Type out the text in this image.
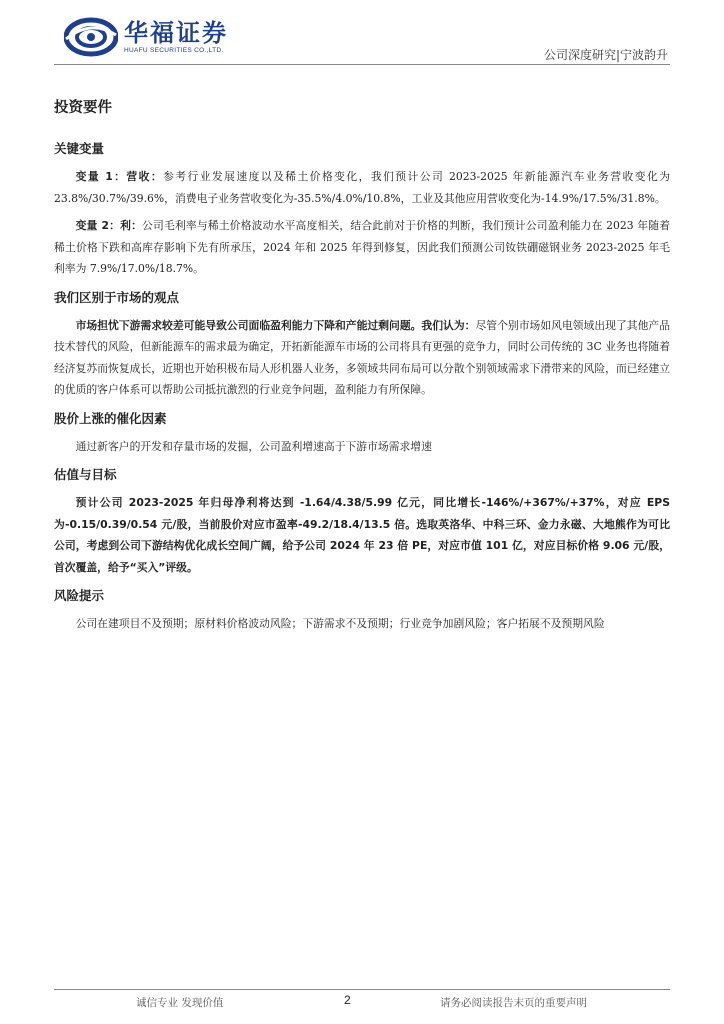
华福证券
HUAFU SECURITIES CO.,LTD.	公司深度研究|宁波韵升
投资要件
关键变量

变量 1：营收：参考行业发展速度以及稀土价格变化，我们预计公司 2023-2025 年新能源汽车业务营收变化为 23.8%/30.7%/39.6%，消费电子业务营收变化为-35.5%/4.0%/10.8%，工业及其他应用营收变化为-14.9%/17.5%/31.8%。

变量 2：利：公司毛利率与稀土价格波动水平高度相关，结合此前对于价格的判断，我们预计公司盈利能力在 2023 年随着稀土价格下跌和高库存影响下先有所承压，2024 年和 2025 年得到修复，因此我们预测公司钕铁硼磁钢业务 2023-2025 年毛利率为 7.9%/17.0%/18.7%。

我们区别于市场的观点

市场担忧下游需求较差可能导致公司面临盈利能力下降和产能过剩问题。我们认为：尽管个别市场如风电领域出现了其他产品技术替代的风险，但新能源车的需求最为确定，开拓新能源车市场的公司将具有更强的竞争力，同时公司传统的 3C 业务也将随着经济复苏而恢复成长，近期也开始积极布局人形机器人业务，多领域共同布局可以分散个别领域需求下滑带来的风险，而已经建立的优质的客户体系可以帮助公司抵抗激烈的行业竞争问题，盈利能力有所保障。

股价上涨的催化因素

通过新客户的开发和存量市场的发掘，公司盈利增速高于下游市场需求增速

估值与目标

预计公司 2023-2025 年归母净利将达到 -1.64/4.38/5.99 亿元，同比增长-146%/+367%/+37%，对应 EPS 为-0.15/0.39/0.54 元/股，当前股价对应市盈率-49.2/18.4/13.5 倍。选取英洛华、中科三环、金力永磁、大地熊作为可比公司，考虑到公司下游结构优化成长空间广阔，给予公司 2024 年 23 倍 PE，对应市值 101 亿，对应目标价格 9.06 元/股，首次覆盖，给予“买入”评级。

风险提示

公司在建项目不及预期；原材料价格波动风险；下游需求不及预期；行业竞争加剧风险；客户拓展不及预期风险

诚信专业 发现价值	2	请务必阅读报告末页的重要声明
